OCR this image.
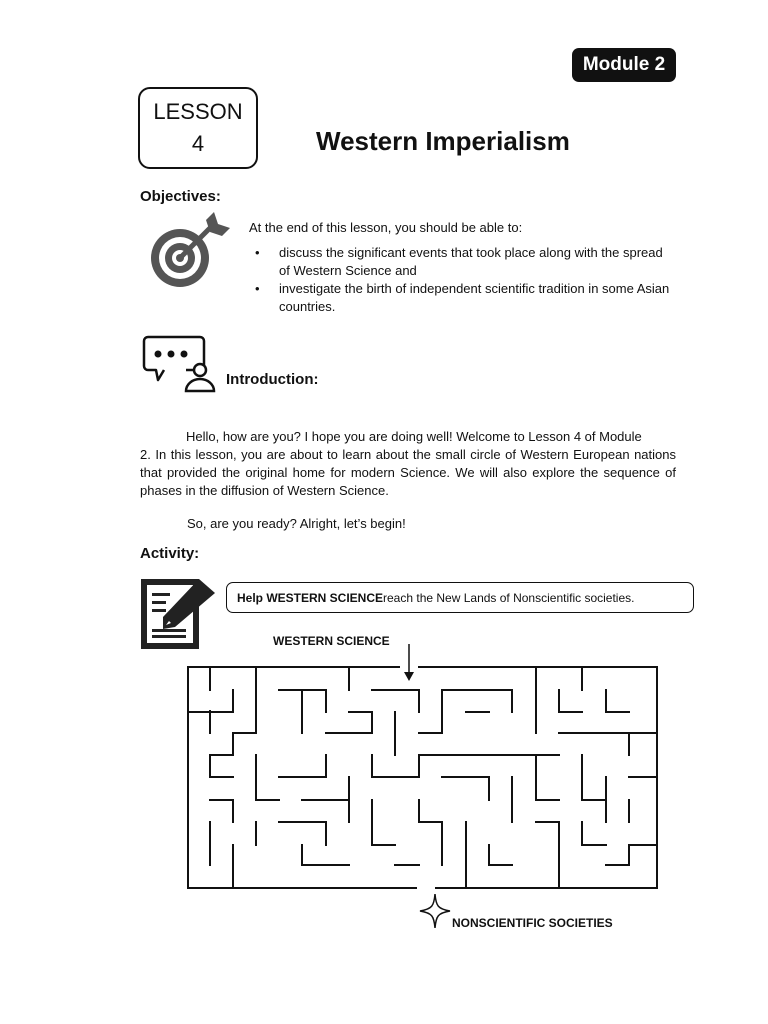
Module 2
LESSON
4	Western Imperialism
Objectives:
At the end of this lesson, you should be able to:
• discuss the significant events that took place along with the spread of Western Science and
• investigate the birth of independent scientific tradition in some Asian countries.
Introduction:
Hello, how are you? I hope you are doing well! Welcome to Lesson 4 of Module
2. In this lesson, you are about to learn about the small circle of Western European nations that provided the original home for modern Science. We will also explore the sequence of phases in the diffusion of Western Science.
So, are you ready? Alright, let’s begin!
Activity:
Help WESTERN SCIENCE reach the New Lands of Nonscientific societies.
WESTERN SCIENCE
NONSCIENTIFIC SOCIETIES
